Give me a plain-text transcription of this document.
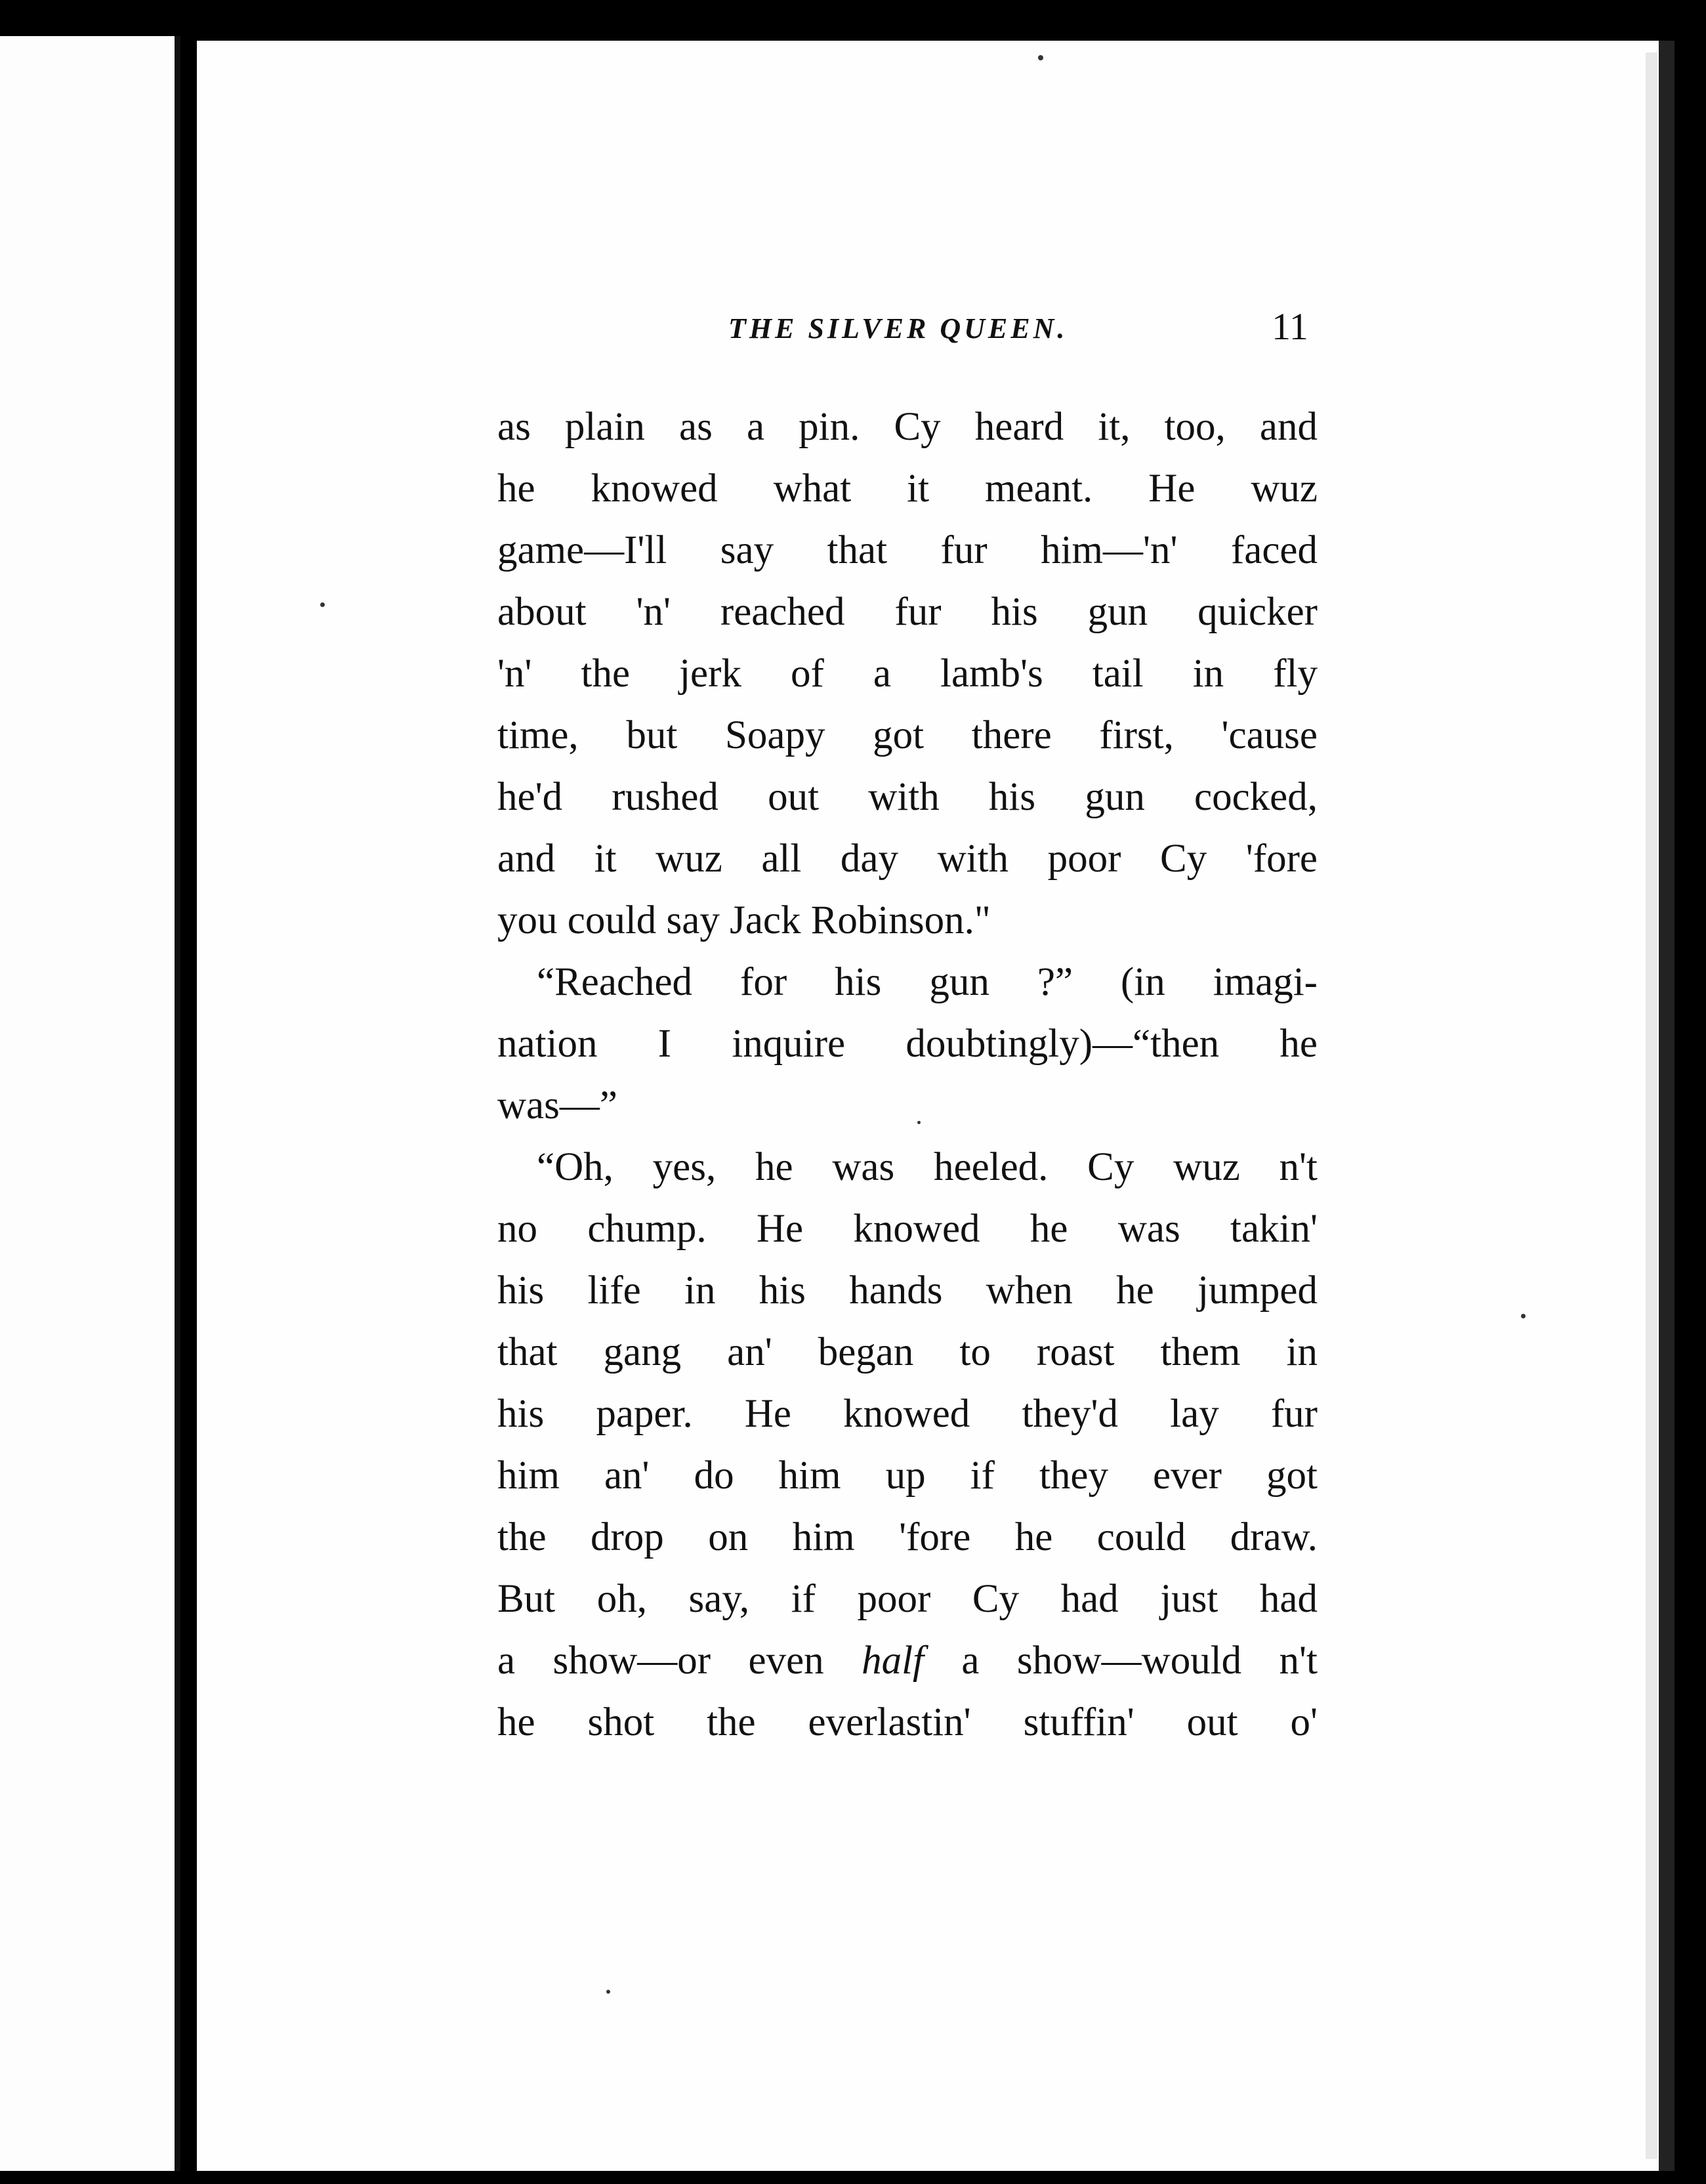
THE SILVER QUEEN.	11
as plain as a pin. Cy heard it, too, and
he knowed what it meant. He wuz
game—I'll say that fur him—'n' faced
about 'n' reached fur his gun quicker
'n' the jerk of a lamb's tail in fly
time, but Soapy got there first, 'cause
he'd rushed out with his gun cocked,
and it wuz all day with poor Cy 'fore
you could say Jack Robinson."
“Reached for his gun ?” (in imagi-
nation I inquire doubtingly)—“then he
was—”
“Oh, yes, he was heeled. Cy wuz n't
no chump. He knowed he was takin'
his life in his hands when he jumped
that gang an' began to roast them in
his paper. He knowed they'd lay fur
him an' do him up if they ever got
the drop on him 'fore he could draw.
But oh, say, if poor Cy had just had
a show—or even half a show—would n't
he shot the everlastin' stuffin' out o'
